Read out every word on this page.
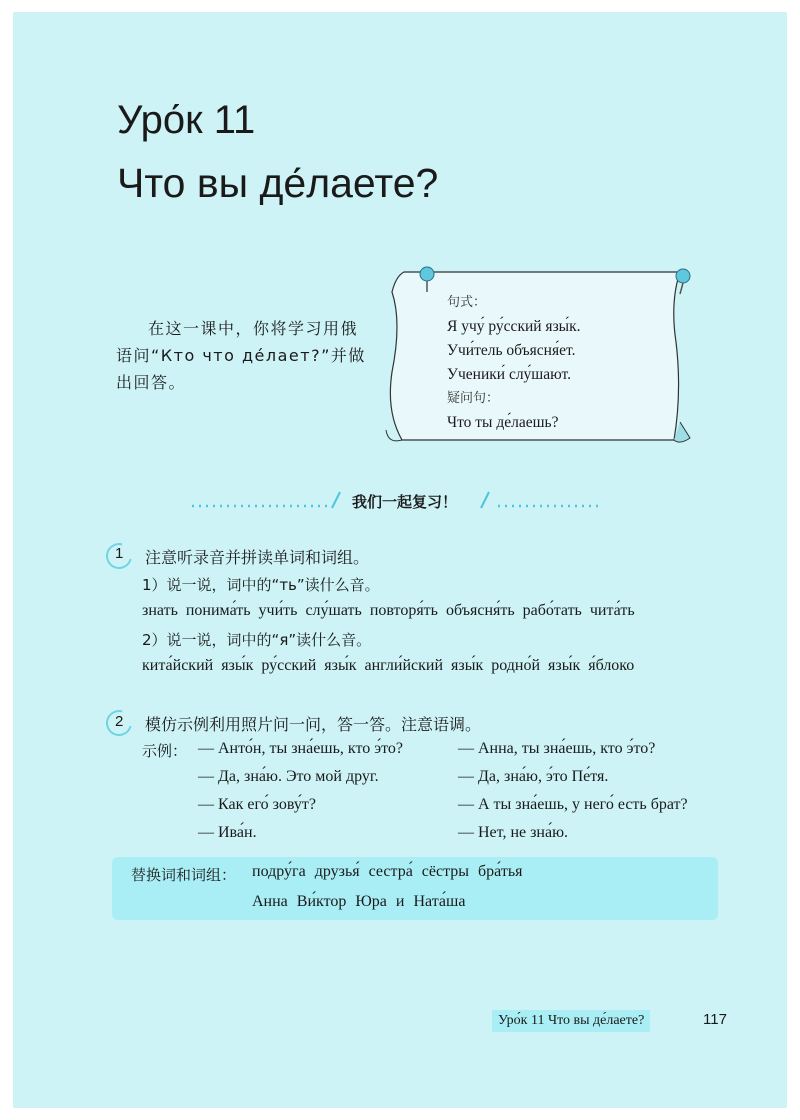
Уро́к 11
Что вы де́лаете?
在这一课中，你将学习用俄语问“Кто что де́лает?”并做出回答。
句式：
Я учу́ ру́сский язы́к.
Учи́тель объясня́ет.
Ученики́ слу́шают.
疑问句：
Что ты де́лаешь?
我们一起复习！
1 注意听录音并拼读单词和词组。
1）说一说，词中的“ть”读什么音。
знать понима́ть учи́ть слу́шать повторя́ть объясня́ть рабо́тать чита́ть
2）说一说，词中的“я”读什么音。
кита́йский язы́к ру́сский язы́к англи́йский язы́к родно́й язы́к я́блоко
2 模仿示例利用照片问一问，答一答。注意语调。
示例： — Анто́н, ты зна́ешь, кто э́то?
— Да, зна́ю. Это мой друг.
— Как его́ зову́т?
— Ива́н.
— Анна, ты зна́ешь, кто э́то?
— Да, зна́ю, э́то Пе́тя.
— А ты зна́ешь, у него́ есть брат?
— Нет, не зна́ю.
替换词和词组： подру́га друзья́ сестра́ сёстры бра́тья
Анна Ви́ктор Юра и Ната́ша
Уро́к 11 Что вы де́лаете?	117
